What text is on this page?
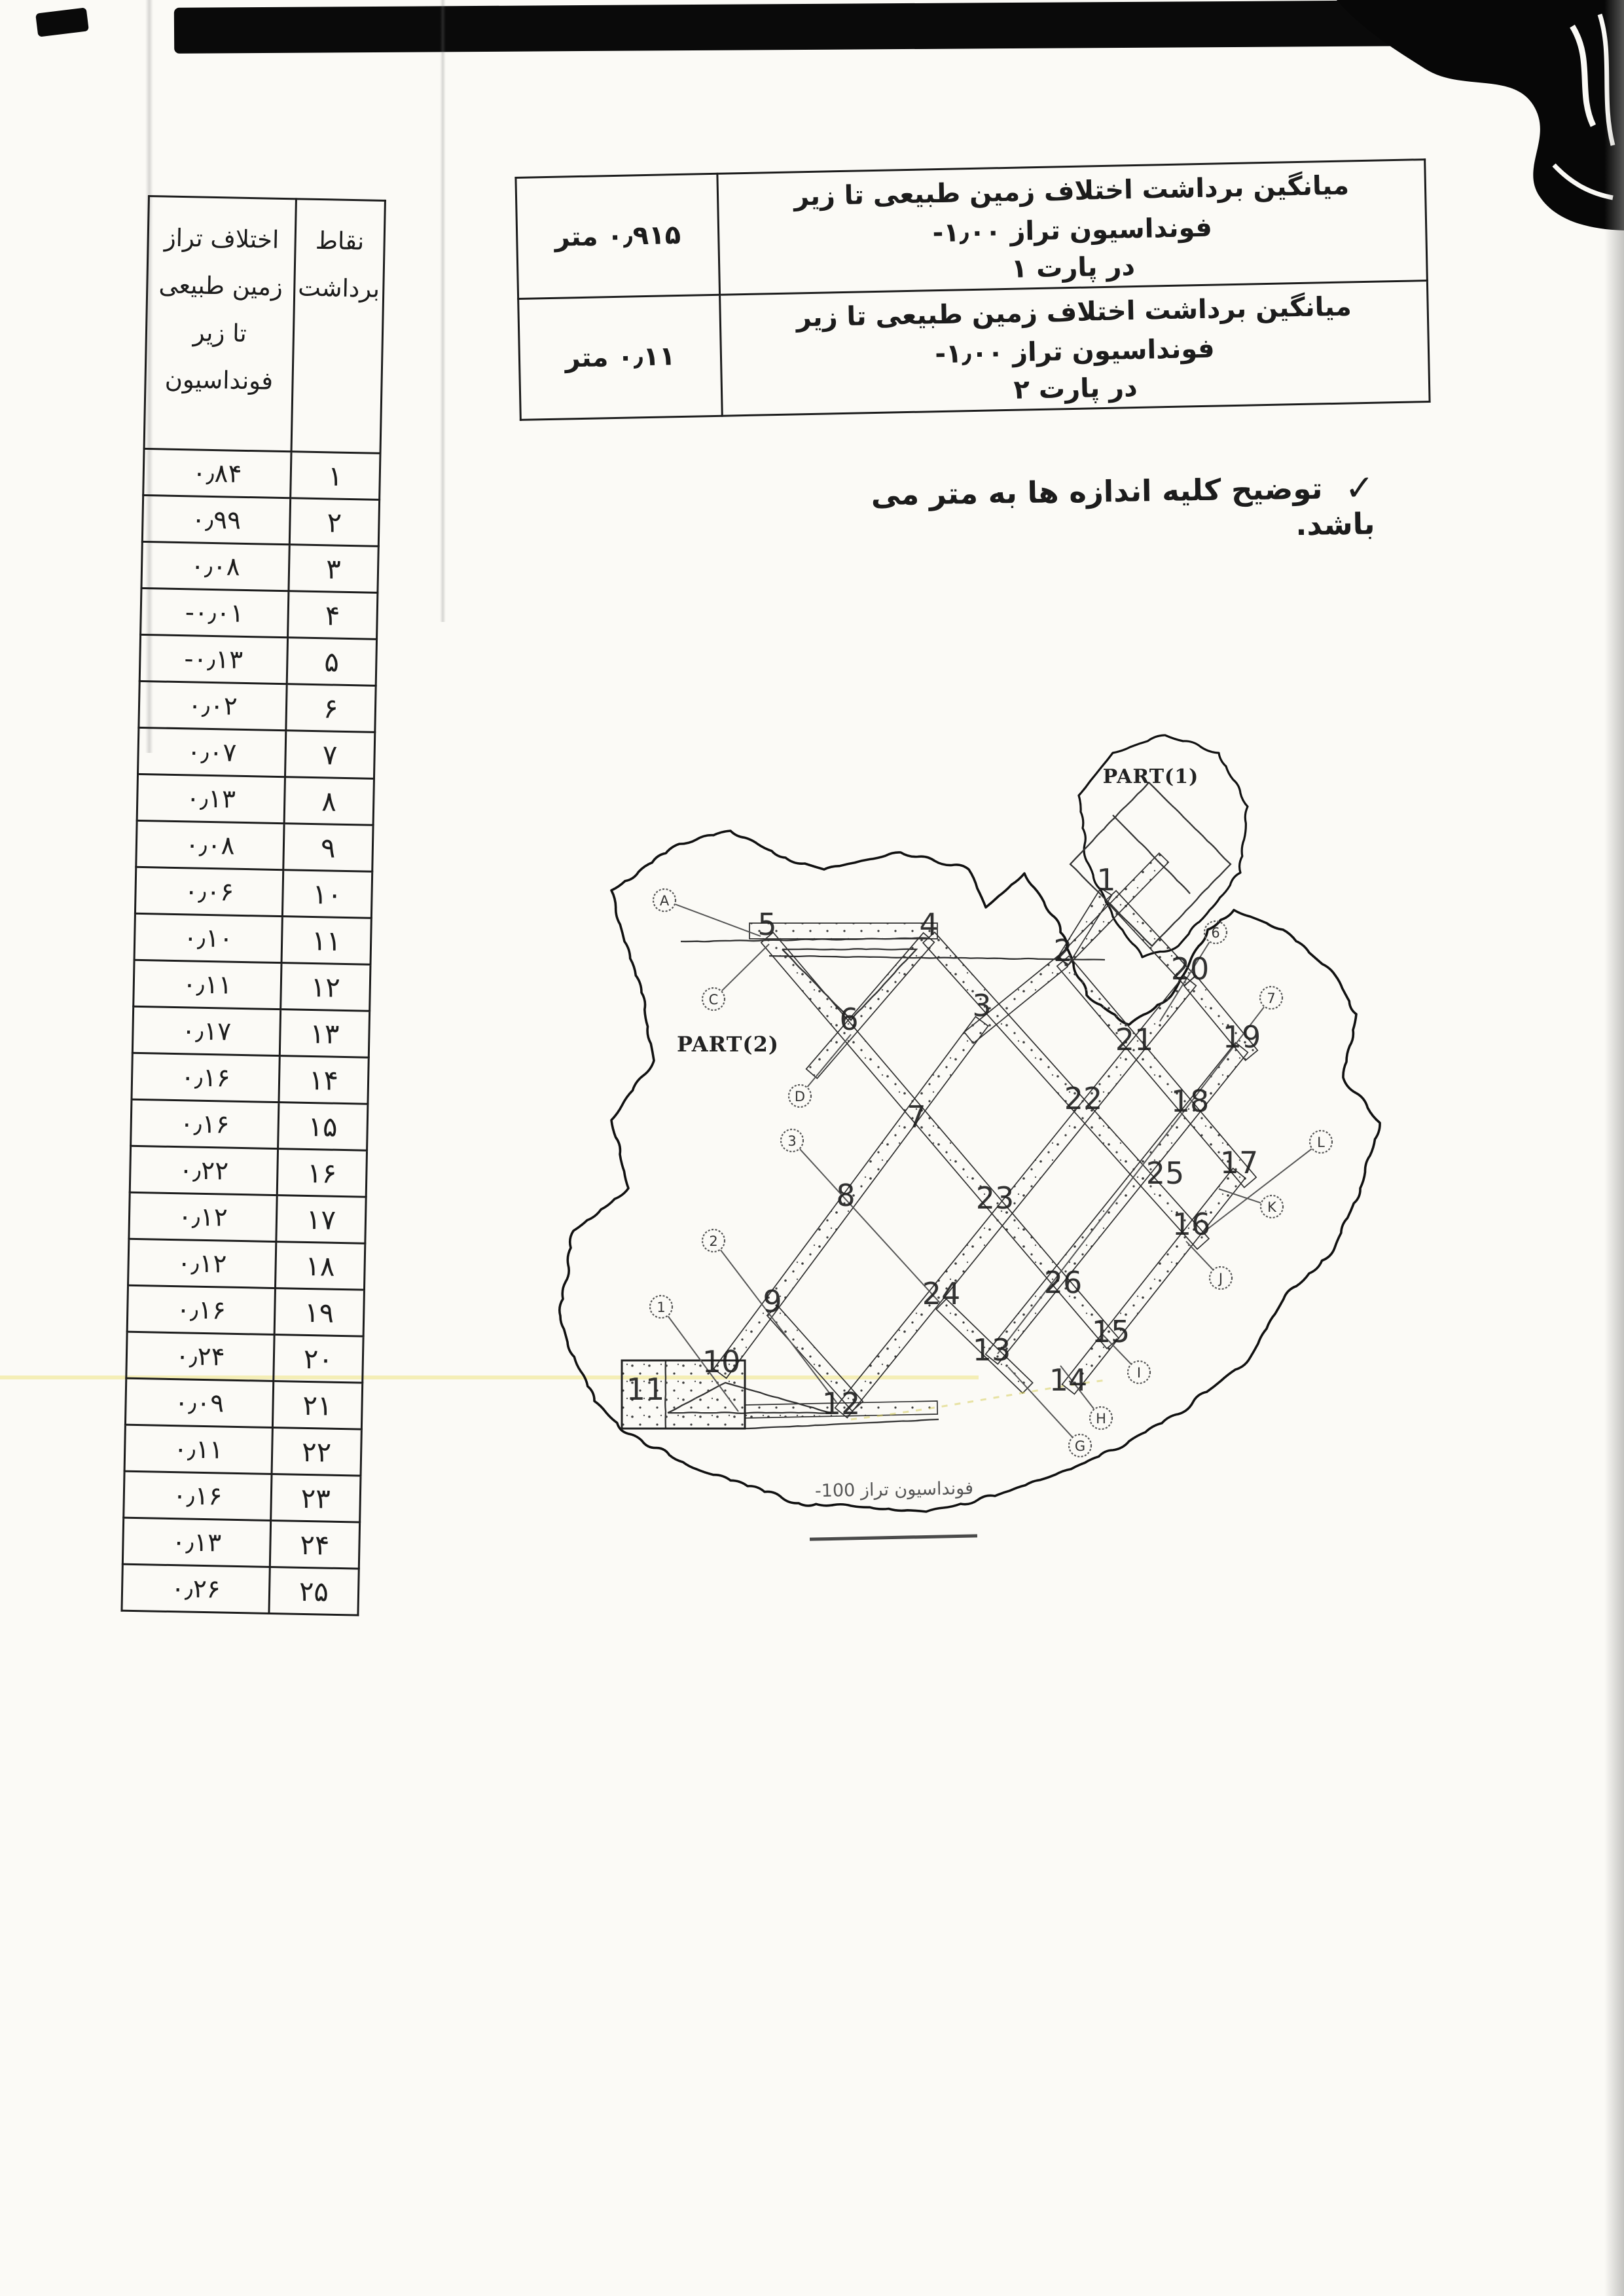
۰٫۹۱۵ متر	میانگین برداشت اختلاف زمین طبیعی تا زیر فونداسیون تراز ۱٫۰۰-
در پارت ۱

۰٫۱۱ متر	میانگین برداشت اختلاف زمین طبیعی تا زیر فونداسیون تراز ۱٫۰۰-
در پارت ۲
✓توضیح کلیه اندازه ها به متر می باشد.
اختلاف تراز زمین طبیعی تا زیر فونداسیون	نقاط برداشت
۰٫۸۴	۱
۰٫۹۹	۲
۰٫۰۸	۳
-۰٫۰۱	۴
-۰٫۱۳	۵
۰٫۰۲	۶
۰٫۰۷	۷
۰٫۱۳	۸
۰٫۰۸	۹
۰٫۰۶	۱۰
۰٫۱۰	۱۱
۰٫۱۱	۱۲
۰٫۱۷	۱۳
۰٫۱۶	۱۴
۰٫۱۶	۱۵
۰٫۲۲	۱۶
۰٫۱۲	۱۷
۰٫۱۲	۱۸
۰٫۱۶	۱۹
۰٫۲۴	۲۰
۰٫۰۹	۲۱
۰٫۱۱	۲۲
۰٫۱۶	۲۳
۰٫۱۳	۲۴
۰٫۲۶	۲۵
A
C
D
3
2
1
6
7
L
K
J
I
H
G
1
2
3
4
5
6
7
8
9
10
11	12
13
14
15
16
17
18
19
20
21
22
23
24
25
26
PART(1)
PART(2)
فونداسیون تراز -100
